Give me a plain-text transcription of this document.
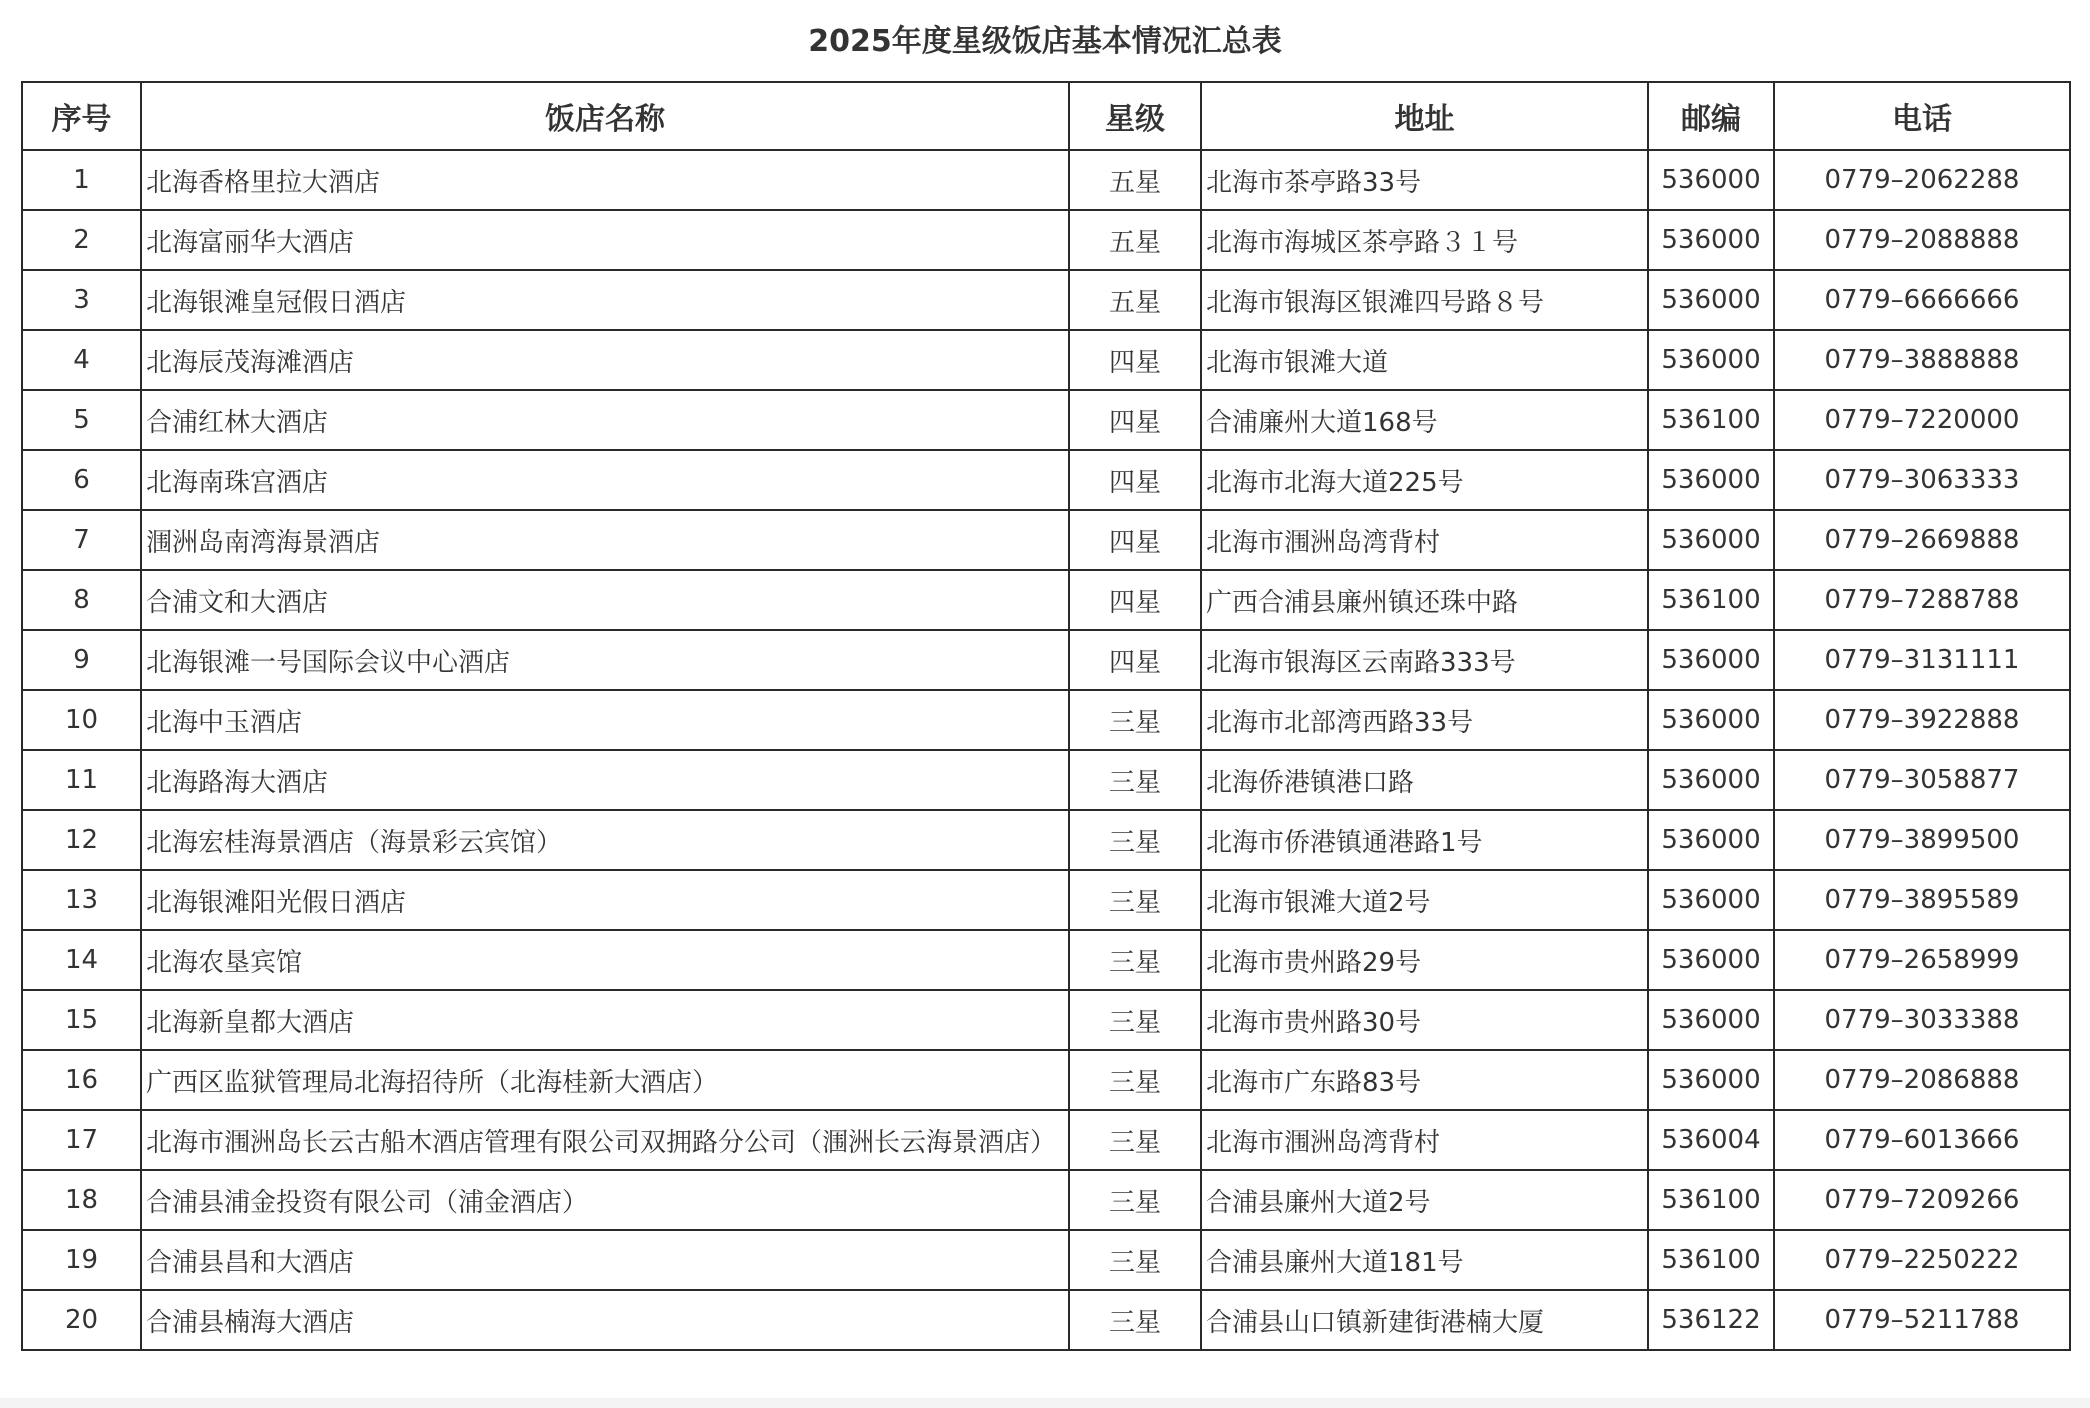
2025年度星级饭店基本情况汇总表
序号	饭店名称	星级	地址	邮编	电话
1	北海香格里拉大酒店	五星	北海市茶亭路33号	536000	0779–2062288
2	北海富丽华大酒店	五星	北海市海城区茶亭路３１号	536000	0779–2088888
3	北海银滩皇冠假日酒店	五星	北海市银海区银滩四号路８号	536000	0779–6666666
4	北海辰茂海滩酒店	四星	北海市银滩大道	536000	0779–3888888
5	合浦红林大酒店	四星	合浦廉州大道168号	536100	0779–7220000
6	北海南珠宫酒店	四星	北海市北海大道225号	536000	0779–3063333
7	涠洲岛南湾海景酒店	四星	北海市涠洲岛湾背村	536000	0779–2669888
8	合浦文和大酒店	四星	广西合浦县廉州镇还珠中路	536100	0779–7288788
9	北海银滩一号国际会议中心酒店	四星	北海市银海区云南路333号	536000	0779–3131111
10	北海中玉酒店	三星	北海市北部湾西路33号	536000	0779–3922888
11	北海路海大酒店	三星	北海侨港镇港口路	536000	0779–3058877
12	北海宏桂海景酒店（海景彩云宾馆）	三星	北海市侨港镇通港路1号	536000	0779–3899500
13	北海银滩阳光假日酒店	三星	北海市银滩大道2号	536000	0779–3895589
14	北海农垦宾馆	三星	北海市贵州路29号	536000	0779–2658999
15	北海新皇都大酒店	三星	北海市贵州路30号	536000	0779–3033388
16	广西区监狱管理局北海招待所（北海桂新大酒店）	三星	北海市广东路83号	536000	0779–2086888
17	北海市涠洲岛长云古船木酒店管理有限公司双拥路分公司（涠洲长云海景酒店）	三星	北海市涠洲岛湾背村	536004	0779–6013666
18	合浦县浦金投资有限公司（浦金酒店）	三星	合浦县廉州大道2号	536100	0779–7209266
19	合浦县昌和大酒店	三星	合浦县廉州大道181号	536100	0779–2250222
20	合浦县楠海大酒店	三星	合浦县山口镇新建街港楠大厦	536122	0779–5211788
